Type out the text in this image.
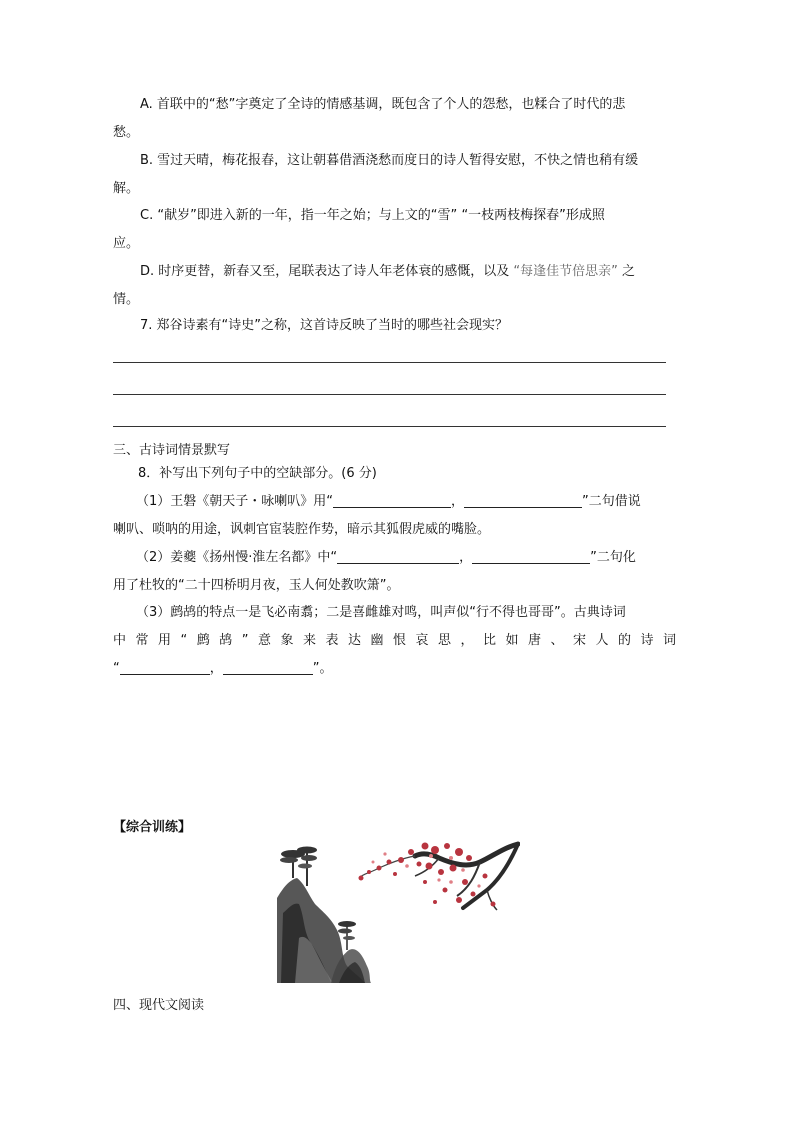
A. 首联中的“愁”字奠定了全诗的情感基调，既包含了个人的怨愁，也糅合了时代的悲
愁。
B. 雪过天晴，梅花报春，这让朝暮借酒浇愁而度日的诗人暂得安慰，不快之情也稍有缓
解。
C. “献岁”即进入新的一年，指一年之始；与上文的“雪” “一枝两枝梅探春”形成照
应。
D. 时序更替，新春又至，尾联表达了诗人年老体衰的感慨，以及 “每逢佳节倍思亲” 之
情。
7. 郑谷诗素有“诗史”之称，这首诗反映了当时的哪些社会现实？
三、古诗词情景默写
8．补写出下列句子中的空缺部分。(6 分)
（1）王磐《朝天子・咏喇叭》用“	，	”二句借说
喇叭、唢呐的用途，讽刺官宦装腔作势，暗示其狐假虎威的嘴脸。
（2）姜夔《扬州慢·淮左名都》中“	，	”二句化
用了杜牧的“二十四桥明月夜，玉人何处教吹箫”。
（3）鹧鸪的特点一是飞必南翥；二是喜雌雄对鸣，叫声似“行不得也哥哥”。古典诗词
中常用“鹧鸪”意象来表达幽恨哀思，比如唐、宋人的诗词
“	，	”。
【综合训练】
四、现代文阅读
